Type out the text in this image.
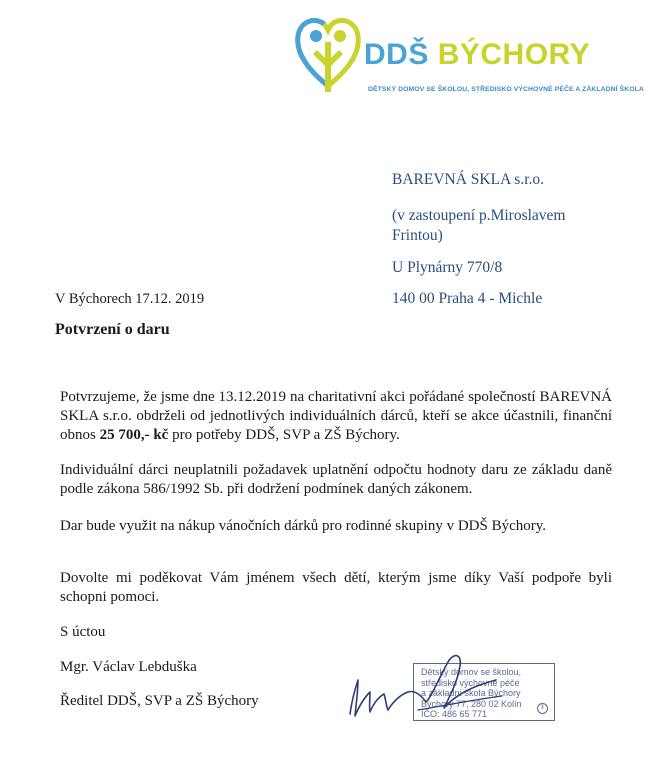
DDŠ BÝCHORY
DĚTSKÝ DOMOV SE ŠKOLOU, STŘEDISKO VÝCHOVNÉ PÉČE A ZÁKLADNÍ ŠKOLA
BAREVNÁ SKLA s.r.o.
(v zastoupení p.Miroslavem Frintou)
U Plynárny 770/8
140 00 Praha 4 - Michle
V Býchorech 17.12. 2019
Potvrzení o daru
Potvrzujeme, že jsme dne 13.12.2019 na charitativní akci pořádané společností BAREVNÁ SKLA s.r.o. obdrželi od jednotlivých individuálních dárců, kteří se akce účastnili, finanční obnos 25 700,- kč pro potřeby DDŠ, SVP a ZŠ Býchory.
Individuální dárci neuplatnili požadavek uplatnění odpočtu hodnoty daru ze základu daně podle zákona 586/1992 Sb. při dodržení podmínek daných zákonem.
Dar bude využit na nákup vánočních dárků pro rodinné skupiny v DDŠ Býchory.
Dovolte mi poděkovat Vám jménem všech dětí, kterým jsme díky Vaší podpoře byli schopni pomoci.
S úctou
Mgr. Václav Lebduška
Ředitel DDŠ, SVP a ZŠ Býchory
Dětský domov se školou,
středisko výchovné péče
a základní škola Býchory
Býchory 77, 280 02 Kolín
IČO: 486 65 771
ǁ
